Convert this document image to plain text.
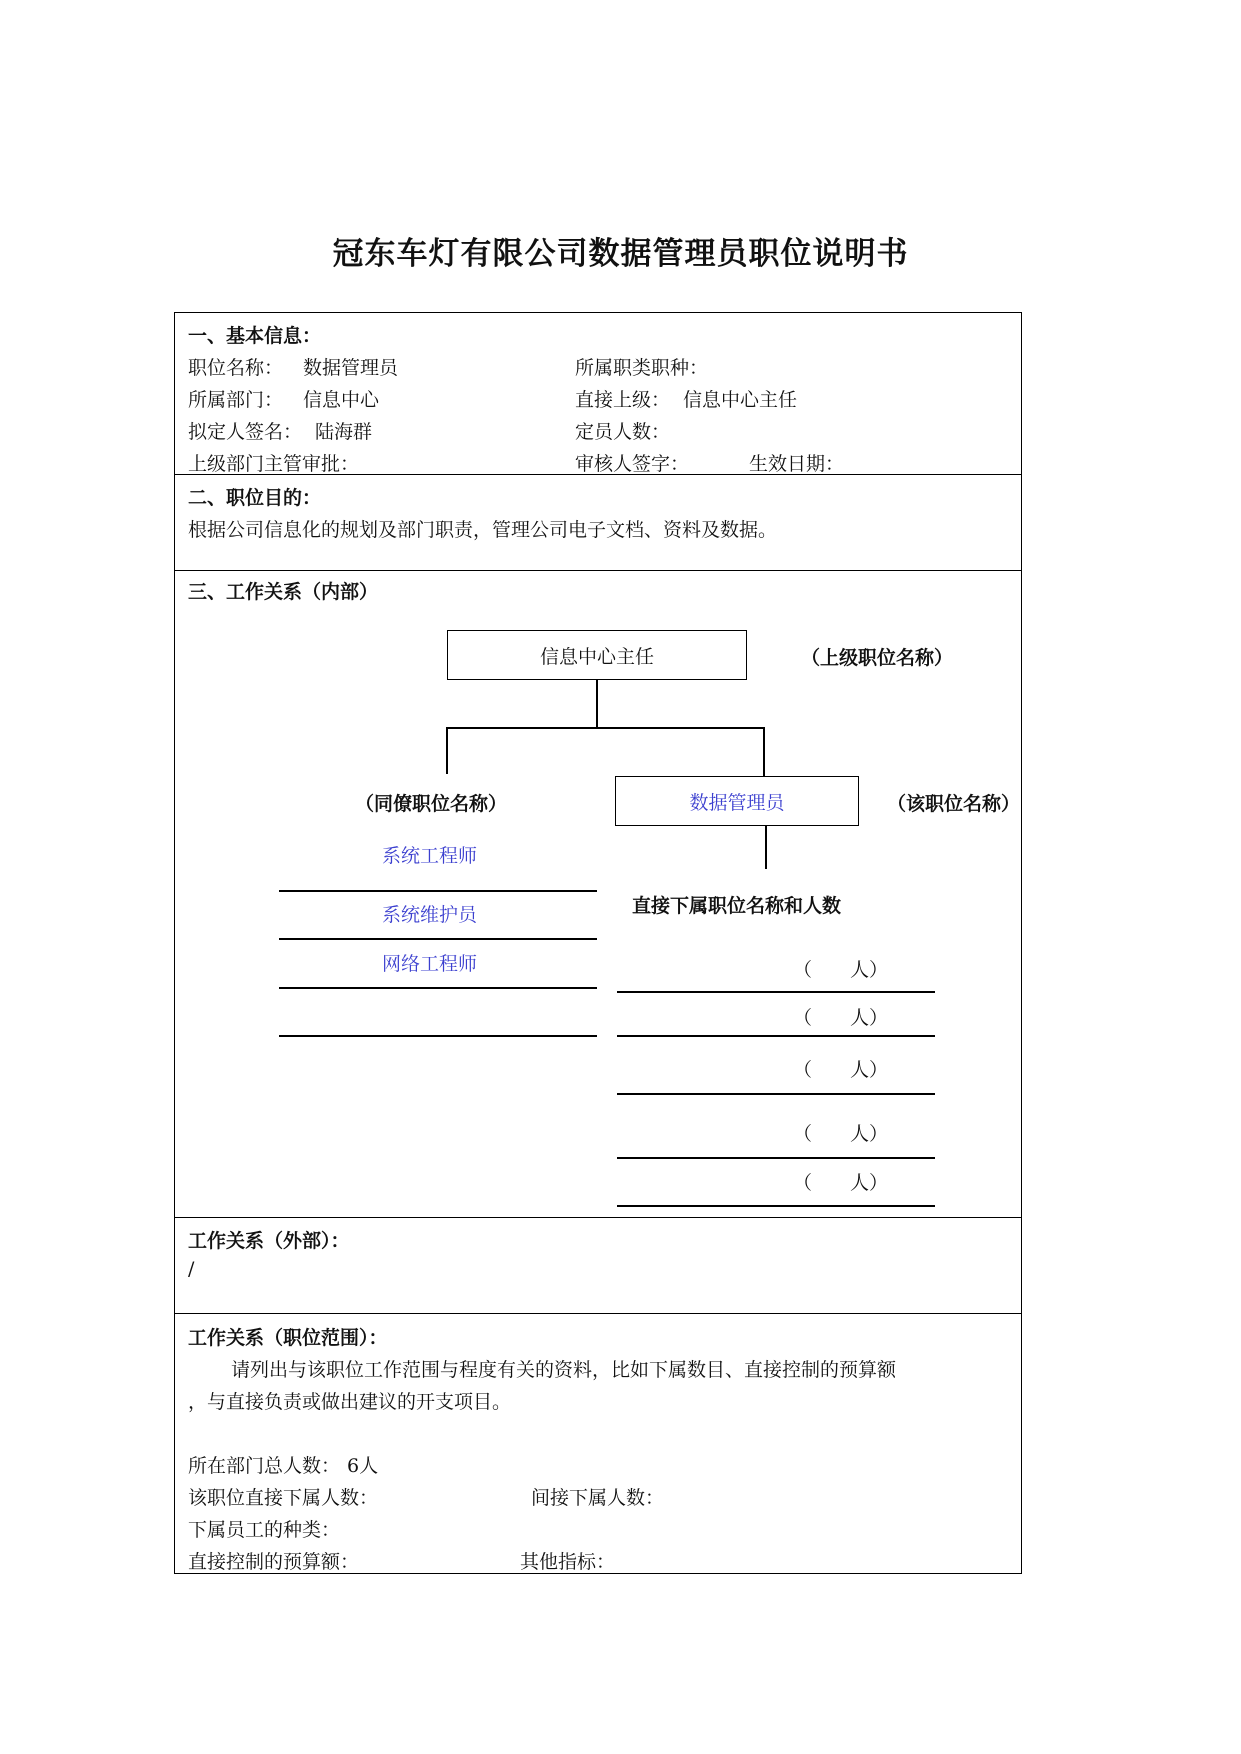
冠东车灯有限公司数据管理员职位说明书
一、基本信息：
职位名称： 数据管理员	所属职类职种：
所属部门： 信息中心	直接上级： 信息中心主任
拟定人签名： 陆海群	定员人数：
上级部门主管审批：	审核人签字：	生效日期：
二、职位目的：
根据公司信息化的规划及部门职责，管理公司电子文档、资料及数据。
三、工作关系（内部）
信息中心主任	（上级职位名称）
数据管理员	（该职位名称）
（同僚职位名称）
系统工程师
系统维护员
网络工程师
直接下属职位名称和人数
（ 人）
（ 人）
（ 人）
（ 人）
（ 人）
工作关系（外部）：
/
工作关系（职位范围）：
请列出与该职位工作范围与程度有关的资料，比如下属数目、直接控制的预算额
，与直接负责或做出建议的开支项目。
所在部门总人数： 6人
该职位直接下属人数：	间接下属人数：
下属员工的种类：
直接控制的预算额：	其他指标：
